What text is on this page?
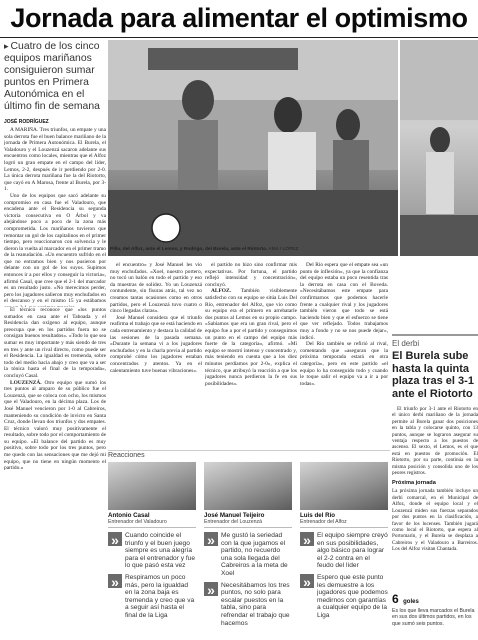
Jornada para alimentar el optimismo
▸ Cuatro de los cinco equipos mariñanos consiguieron sumar puntos en Primera Autonómica en el último fin de semana
JOSÉ RODRÍGUEZ

A MARIÑA. Tres triunfos, un empate y una sola derrota fue el buen balance mariñano de la jornada de Primera Autonómica. El Burela, el Valadouro y el Louzenzá sacaron adelante sus encuentros como locales, mientras que el Alfoz logró un gran empate en el campo del líder, Lemos, 2-2, después de ir perdiendo por 2-0. La única derrota mariñana fue la del Riotorto, que cayó en A Marosa, frente al Burela, por 3-1.

Uno de los equipos que sacó adelante su compromiso en casa fue el Valadouro, que encadena ante el Residencia su segunda victoria consecutiva en O Árbol y va alejándose poco a poco de la zona más comprometida. Los mariñanos tuvieron que remontar un gol de los capitalinos en el primer tiempo, pero reaccionaron con solvencia y le dieron la vuelta al marcador en el primer tramo de la reanudación. «Un encuentro sufrido en el que no entramos bien y nos pusieron por delante con un gol de los suyos. Supimos entonces ir a por ellos y conseguir la victoria», afirmó Casal, que cree que el 2-1 del marcador es un resultado justo. «No merecimos perder, pero los jugadores salieron muy enchufados en el descanso y en el mismo 15 ya estábamos

Pillo, del Alfoz, ante el Lemos, y Rodrigo, del Burela, ante el Riotorto. AMA / LÓPEZ

El técnico reconoce que «los puntos sumados en casa ante el Taboada y el Residencia dan oxígeno al equipo, aunque preocupa que en los partidos fuera no se consigan buenos resultados». «Todo lo que sea sumar es muy importante y más siendo de tres en tres y ante un rival directo, como puede ser el Residencia. La igualdad es tremenda, sobre todo del medio hacia abajo y creo que va a ser la tónica hasta el final de la temporada», concluyó Casal.

LOUZENZÁ. Otro equipo que sumó los tres puntos al amparo de su público fue el Louzenzá, que se coloca con ocho, los mismos que el Valadouro, en la décima plaza. Los de José Manuel vencieron por 1-0 al Cabreiros, manteniendo su condición de invicto en Santa Cruz, donde llevan dos triunfos y dos empates. El técnico valoró muy positivamente el resultado, sobre todo por el comportamiento de su equipo. «El balance del partido es muy positivo, sobre todo por los tres puntos, pero me quedo con las sensaciones que me dejó mi equipo, que no tiene en ningún momento el partido.»

el encuentro» y José Manuel les vio muy enchufados. «Xoel, nuestro portero, no tocó un balón en todo el partido y eso da muestras de solidez. Yo un Louzenzá contundente, sin fisuras atrás, tal vez no creamos tantas ocasiones como en otros partidos, pero el Louzenzá tuvo cuatro o cinco llegadas claras».

José Manuel considera que el triunfo reafirma el trabajo que se está haciendo en cada entrenamiento y destaca la calidad de las sesiones de la pasada semana. «Durante la semana vi a los jugadores enchufados y en la charla previa al partido comprobé cómo los jugadores estaban concentrados y atentos. Ya en el calentamiento tuve buenas vibraciones».

el partido no hizo sino confirmar mis expectativas. Por fortuna, el partido reflejó intensidad y concentración», concluyó.

ALFOZ. También visiblemente satisfecho con su equipo se sitúa Luis Del Río, entrenador del Alfoz, que vio como su equipo era el primero en arrebatarle dos puntos al Lemos en su propio campo. «Sabíamos que era un gran rival, pero el equipo fue a por el partido y conseguimos un punto en el campo del equipo más fuerte de la categoría», afirmó. «Mi equipo se mostró intenso y concentrado y, más teniendo en cuenta que a los diez minutos perdíamos por 2-0», explica el técnico, que atribuyó la reacción a que los jugadores nunca perdieron la fe en sus posibilidades».

Del Río espera que el empate sea «un punto de inflexión», ya que la confianza del equipo estaba un poco resentida tras la derrota en casa con el Boveda. «Necesitábamos este empate para confirmarnos que podemos hacerle frente a cualquier rival y los jugadores también vieron que todo se está haciendo bien y que el esfuerzo se tiene que ver reflejado. Todos trabajamos muy a fondo y no se nos puede dejar», indicó.

Del Río también se refirió al rival, comentando que «aseguran que la próxima temporada estará en otra categoría», pero en este partido «el equipo lo ha conseguido todo y cuando le toque salir el equipo va a ir a por todas».

Reacciones
Antonio Casal
Entrenador del Valadouro
» Cuando coincide el triunfo y el buen juego siempre es una alegría para el entrenador y fue lo que pasó esta vez
» Respiramos un poco más, pero la igualdad en la zona baja es tremenda y creo que va a seguir así hasta el final de la Liga
José Manuel Teijeiro
Entrenador del Louzenzá
» Me gustó la seriedad con la que jugamos el partido, no recuerdo una sola llegada del Cabreiros a la meta de Xoel
» Necesitábamos los tres puntos, no solo para escalar puestos en la tabla, sino para refrendar el trabajo que hacemos
Luis del Río
Entrenador del Alfoz
» El equipo siempre creyó en sus posibilidades, algo básico para lograr el 2-2 contra en el feudo del líder
» Espero que este punto les demuestre a los jugadores que podemos medirnos con garantías a cualquier equipo de la Liga
El derbi
El Burela sube hasta la quinta plaza tras el 3-1 ante el Riotorto

El triunfo por 3-1 ante el Riotorto en el único derbi mariñano de la jornada permite al Burela ganar dos posiciones en la tabla y colocarse quinto, con 13 puntos, aunque se lograron asegurar su ventaja respecto a los puestos de ascenso. El sexto, el Lemos, es el que está en puestos de promoción. El Riotorto, por su parte, continúa en la misma posición y consolida uno de los peores registros.

Próxima jornada
La próxima jornada también incluye un derbi comarcal, en el Municipal de Alfoz, donde el equipo local y el Louzenzá miden sus fuerzas separados por dos puntos en la clasificación, a favor de los lucenses. También jugará como local el Riotorto, que espera al Portomarín, y el Burela se desplaza a Cabreiros y el Valadouro a Barreiros. Los del Alfoz visitan Chantada.
6 goles
Es los que lleva marcados el Burela en sus dos últimos partidos, en los que sumó seis puntos.
